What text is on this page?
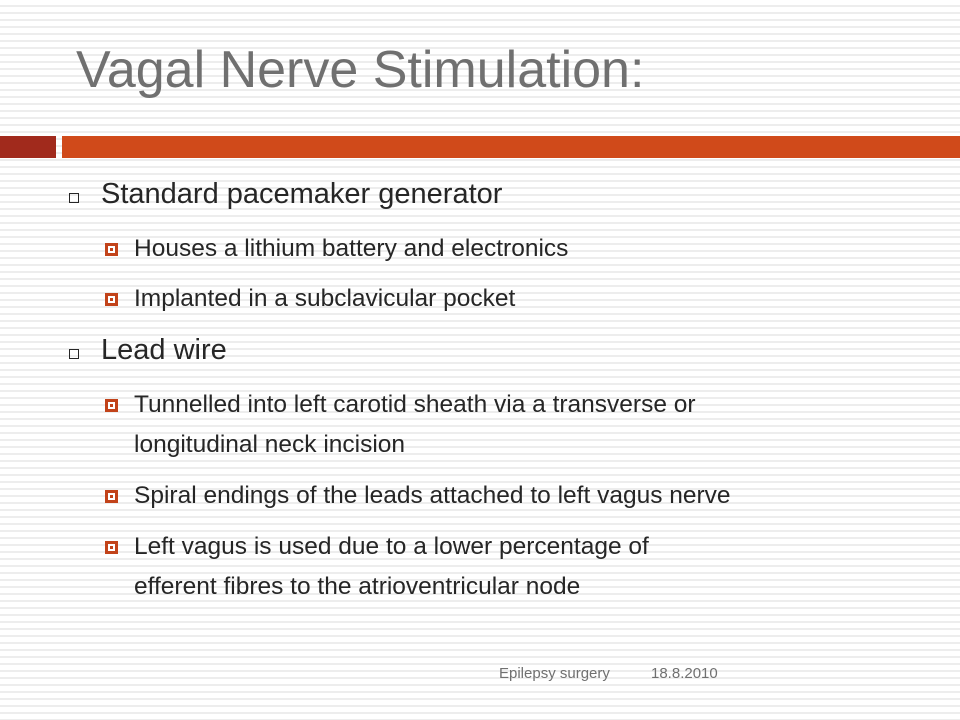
Vagal Nerve Stimulation:
Standard pacemaker generator
Houses a lithium battery and electronics
Implanted in a subclavicular pocket
Lead wire
Tunnelled into left carotid sheath via a transverse or
longitudinal neck incision
Spiral endings of the leads attached to left vagus nerve
Left vagus is used due to a lower percentage of
efferent fibres to the atrioventricular node
Epilepsy surgery	18.8.2010
